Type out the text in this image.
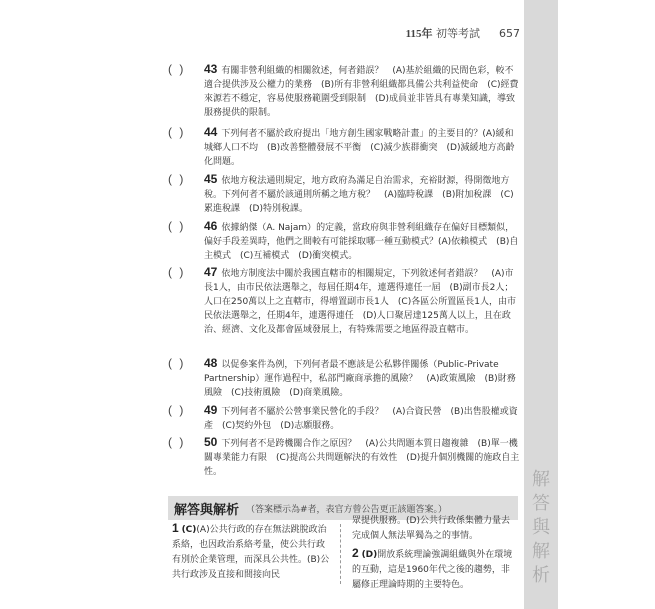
115年 初等考試 657
解
答
與
解
析
( ) 43 有關非營利組織的相關敘述，何者錯誤？　(A)基於組織的民間色彩，較不適合提供涉及公權力的業務　(B)所有非營利組織都具備公共利益使命　(C)經費來源若不穩定，容易使服務範圍受到限制　(D)成員並非皆具有專業知識，導致服務提供的限制。
( ) 44 下列何者不屬於政府提出「地方創生國家戰略計畫」的主要目的？(A)緩和城鄉人口不均　(B)改善整體發展不平衡　(C)減少族群衝突　(D)減緩地方高齡化問題。
( ) 45 依地方稅法通則規定，地方政府為滿足自治需求，充裕財源，得開徵地方稅。下列何者不屬於該通則所稱之地方稅？　(A)臨時稅課　(B)附加稅課　(C)累進稅課　(D)特別稅課。
( ) 46 依據納傑（A. Najam）的定義，當政府與非營利組織存在偏好目標類似，偏好手段差異時，他們之間較有可能採取哪一種互動模式？(A)依賴模式　(B)自主模式　(C)互補模式　(D)衝突模式。
( ) 47 依地方制度法中關於我國直轄市的相關規定，下列敘述何者錯誤？　(A)市長1人，由市民依法選舉之，每屆任期4年，連選得連任一屆　(B)副市長2人；人口在250萬以上之直轄市，得增置副市長1人　(C)各區公所置區長1人，由市民依法選舉之，任期4年，連選得連任　(D)人口聚居達125萬人以上，且在政治、經濟、文化及都會區域發展上，有特殊需要之地區得設直轄市。
( ) 48 以促參案件為例，下列何者最不應該是公私夥伴關係（Public-Private Partnership）運作過程中，私部門廠商承擔的風險？　(A)政策風險　(B)財務風險　(C)技術風險　(D)商業風險。
( ) 49 下列何者不屬於公營事業民營化的手段？　(A)合資民營　(B)出售股權或資產　(C)契約外包　(D)志願服務。
( ) 50 下列何者不是跨機關合作之原因？　(A)公共問題本質日趨複雜　(B)單一機關專業能力有限　(C)提高公共問題解決的有效性　(D)提升個別機關的施政自主性。
解答與解析 （答案標示為#者，表官方曾公告更正該題答案。）
1 (C)(A)公共行政的存在無法跳脫政治系絡，也因政治系絡考量，使公共行政有別於企業管理，而深具公共性。(B)公共行政涉及直接和間接向民
眾提供服務。(D)公共行政係集體力量去完成個人無法單獨為之的事情。
2 (D)開放系統理論強調組織與外在環境的互動，這是1960年代之後的趨勢，非屬修正理論時期的主要特色。
